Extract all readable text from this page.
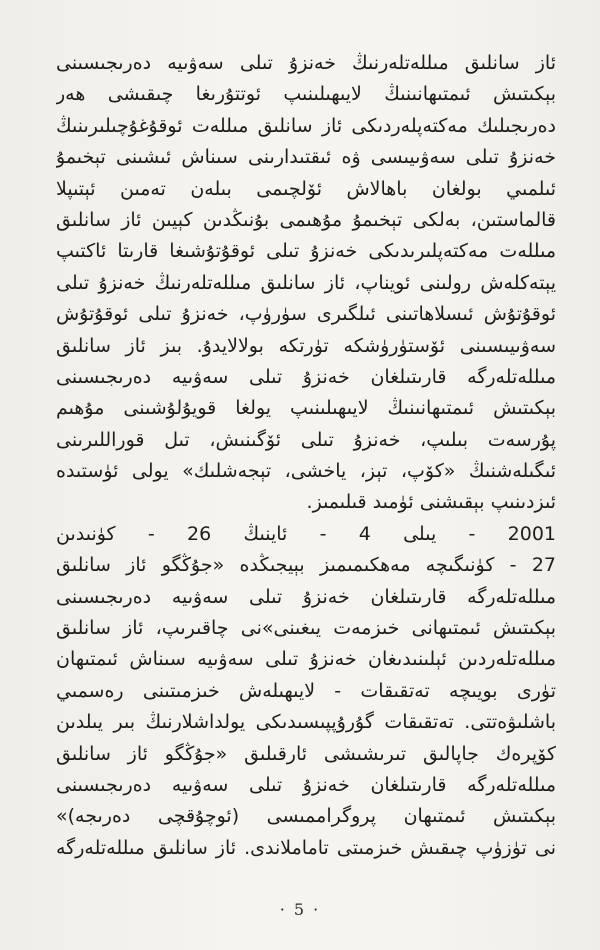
ئاز سانلىق مىللەتلەرنىڭ خەنزۇ تىلى سەۋىيە دەرىجىسىنى
بېكىتىش ئىمتىھانىنىڭ لايىھىلىنىپ ئوتتۇرىغا چىقىشى ھەر
دەرىجىلىك مەكتەپلەردىكى ئاز سانلىق مىللەت ئوقۇغۇچىلىرىنىڭ
خەنزۇ تىلى سەۋىيىسى ۋە ئىقتىدارىنى سىناش ئىشىنى تېخىمۇ
ئىلمىي بولغان باھالاش ئۆلچىمى بىلەن تەمىن ئېتىپلا
قالماستىن، بەلكى تېخىمۇ مۇھىمى بۇنىڭدىن كېيىن ئاز سانلىق
مىللەت مەكتەپلىرىدىكى خەنزۇ تىلى ئوقۇتۇشىغا قارىتا ئاكتىپ
يېتەكلەش رولىنى ئويناپ، ئاز سانلىق مىللەتلەرنىڭ خەنزۇ تىلى
ئوقۇتۇش ئىسلاھاتىنى ئىلگىرى سۈرۈپ، خەنزۇ تىلى ئوقۇتۇش
سەۋىيىسىنى ئۆستۈرۈشكە تۈرتكە بولالايدۇ. بىز ئاز سانلىق
مىللەتلەرگە قارىتىلغان خەنزۇ تىلى سەۋىيە دەرىجىسىنى
بېكىتىش ئىمتىھانىنىڭ لايىھىلىنىپ يولغا قويۇلۇشىنى مۇھىم
پۇرسەت بىلىپ، خەنزۇ تىلى ئۆگىنىش، تىل قوراللىرىنى
ئىگىلەشنىڭ «كۆپ، تېز، ياخشى، تېجەشلىك» يولى ئۈستىدە
ئىزدىنىپ بېقىشنى ئۈمىد قىلىمىز.
2001 - يىلى 4 - ئاينىڭ 26 - كۈنىدىن
27 - كۈنىگىچە مەھكىمىمىز بېيجىڭدە «جۇڭگو ئاز سانلىق
مىللەتلەرگە قارىتىلغان خەنزۇ تىلى سەۋىيە دەرىجىسىنى
بېكىتىش ئىمتىھانى خىزمەت يىغىنى»نى چاقىرىپ، ئاز سانلىق
مىللەتلەردىن ئېلىنىدىغان خەنزۇ تىلى سەۋىيە سىناش ئىمتىھان
تۈرى بويىچە تەتقىقات - لايىھىلەش خىزمىتىنى رەسمىي
باشلىۋەتتى. تەتقىقات گۇرۇپپىسىدىكى يولداشلارنىڭ بىر يىلدىن
كۆپرەك جاپالىق تىرىشىشى ئارقىلىق «جۇڭگو ئاز سانلىق
مىللەتلەرگە قارىتىلغان خەنزۇ تىلى سەۋىيە دەرىجىسىنى
بېكىتىش ئىمتىھان پروگراممىسى (ئوچۇقچى دەرىجە)»
نى تۈزۈپ چىقىش خىزمىتى تاماملاندى. ئاز سانلىق مىللەتلەرگە
· 5 ·
